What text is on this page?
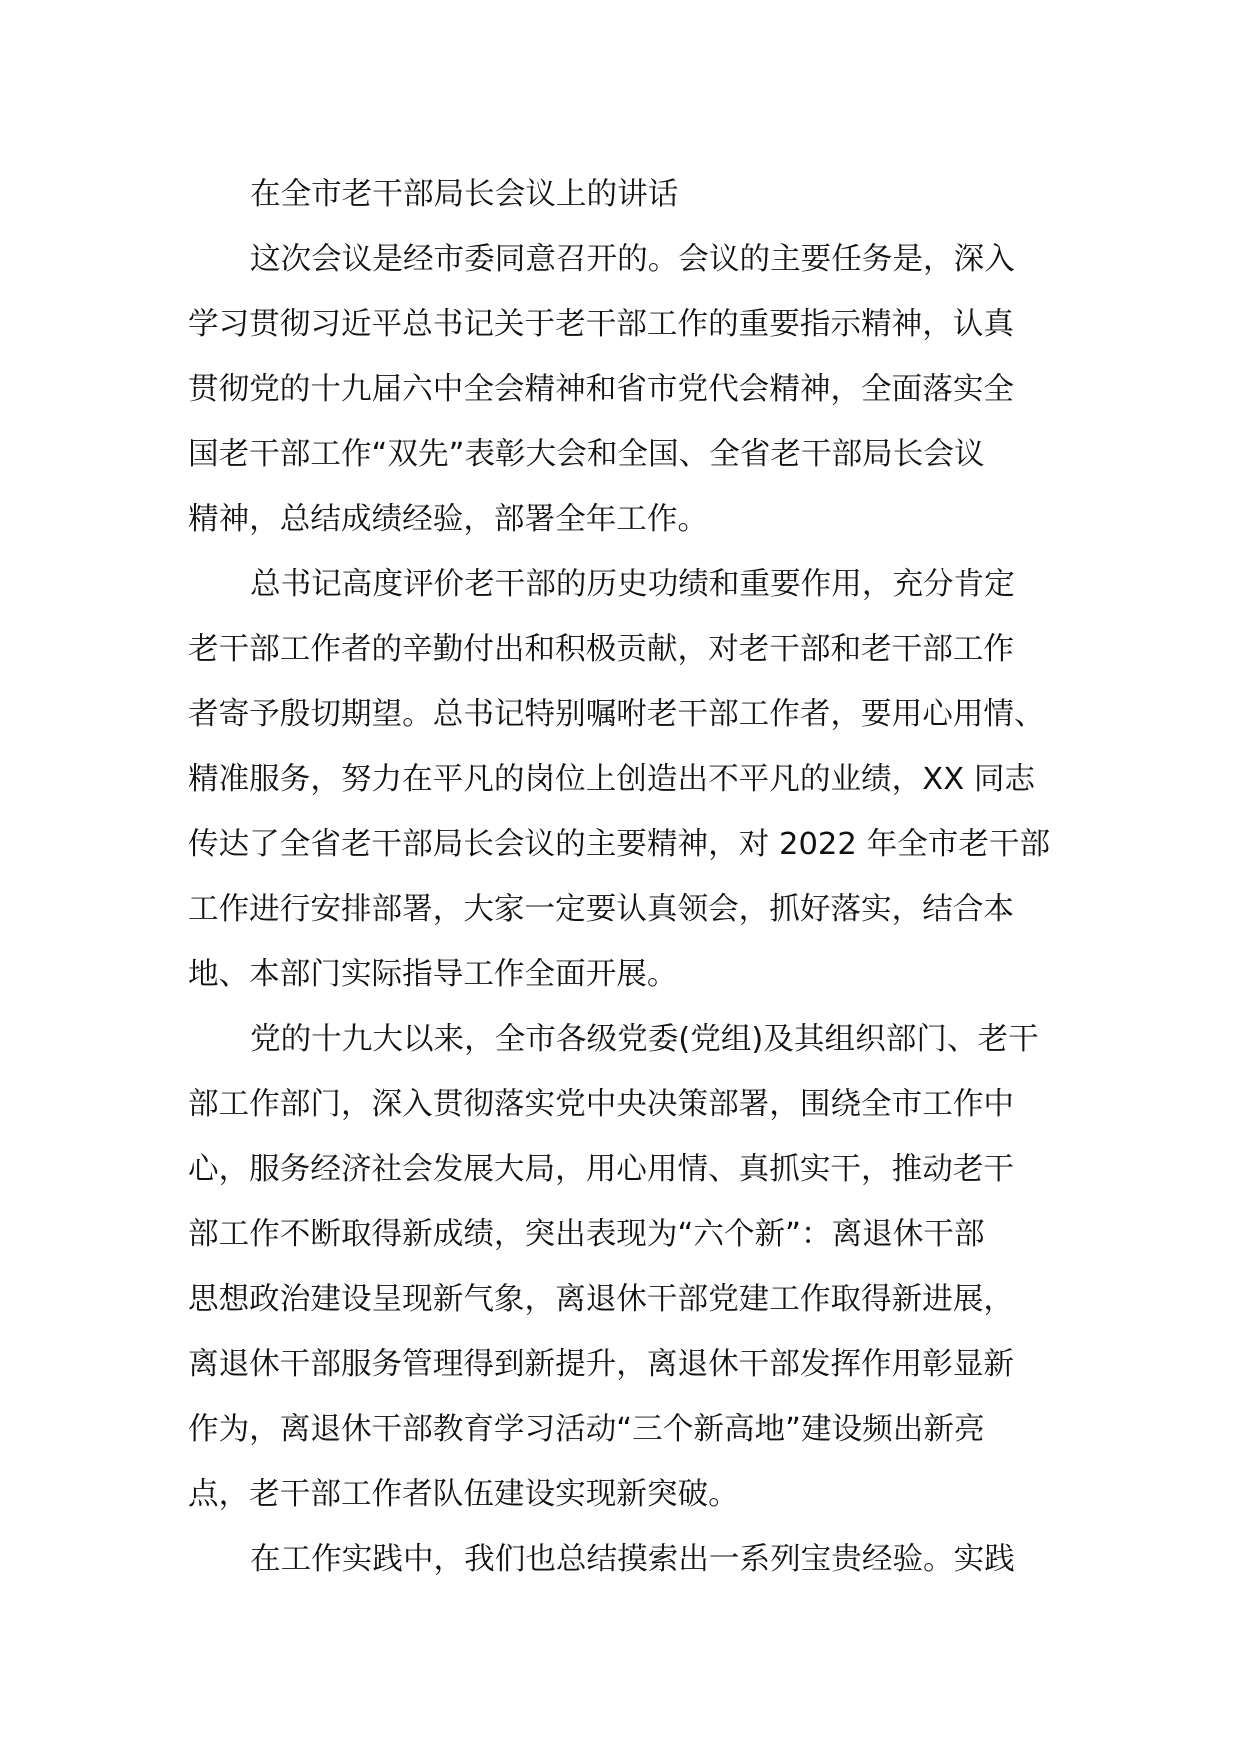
在全市老干部局长会议上的讲话

这次会议是经市委同意召开的。会议的主要任务是，深入

学习贯彻习近平总书记关于老干部工作的重要指示精神，认真

贯彻党的十九届六中全会精神和省市党代会精神，全面落实全

国老干部工作“双先”表彰大会和全国、全省老干部局长会议

精神，总结成绩经验，部署全年工作。

总书记高度评价老干部的历史功绩和重要作用，充分肯定

老干部工作者的辛勤付出和积极贡献，对老干部和老干部工作

者寄予殷切期望。总书记特别嘱咐老干部工作者，要用心用情、

精准服务，努力在平凡的岗位上创造出不平凡的业绩，XX 同志

传达了全省老干部局长会议的主要精神，对 2022 年全市老干部

工作进行安排部署，大家一定要认真领会，抓好落实，结合本

地、本部门实际指导工作全面开展。

党的十九大以来，全市各级党委(党组)及其组织部门、老干

部工作部门，深入贯彻落实党中央决策部署，围绕全市工作中

心，服务经济社会发展大局，用心用情、真抓实干，推动老干

部工作不断取得新成绩，突出表现为“六个新”：离退休干部

思想政治建设呈现新气象，离退休干部党建工作取得新进展，

离退休干部服务管理得到新提升，离退休干部发挥作用彰显新

作为，离退休干部教育学习活动“三个新高地”建设频出新亮

点，老干部工作者队伍建设实现新突破。

在工作实践中，我们也总结摸索出一系列宝贵经验。实践
